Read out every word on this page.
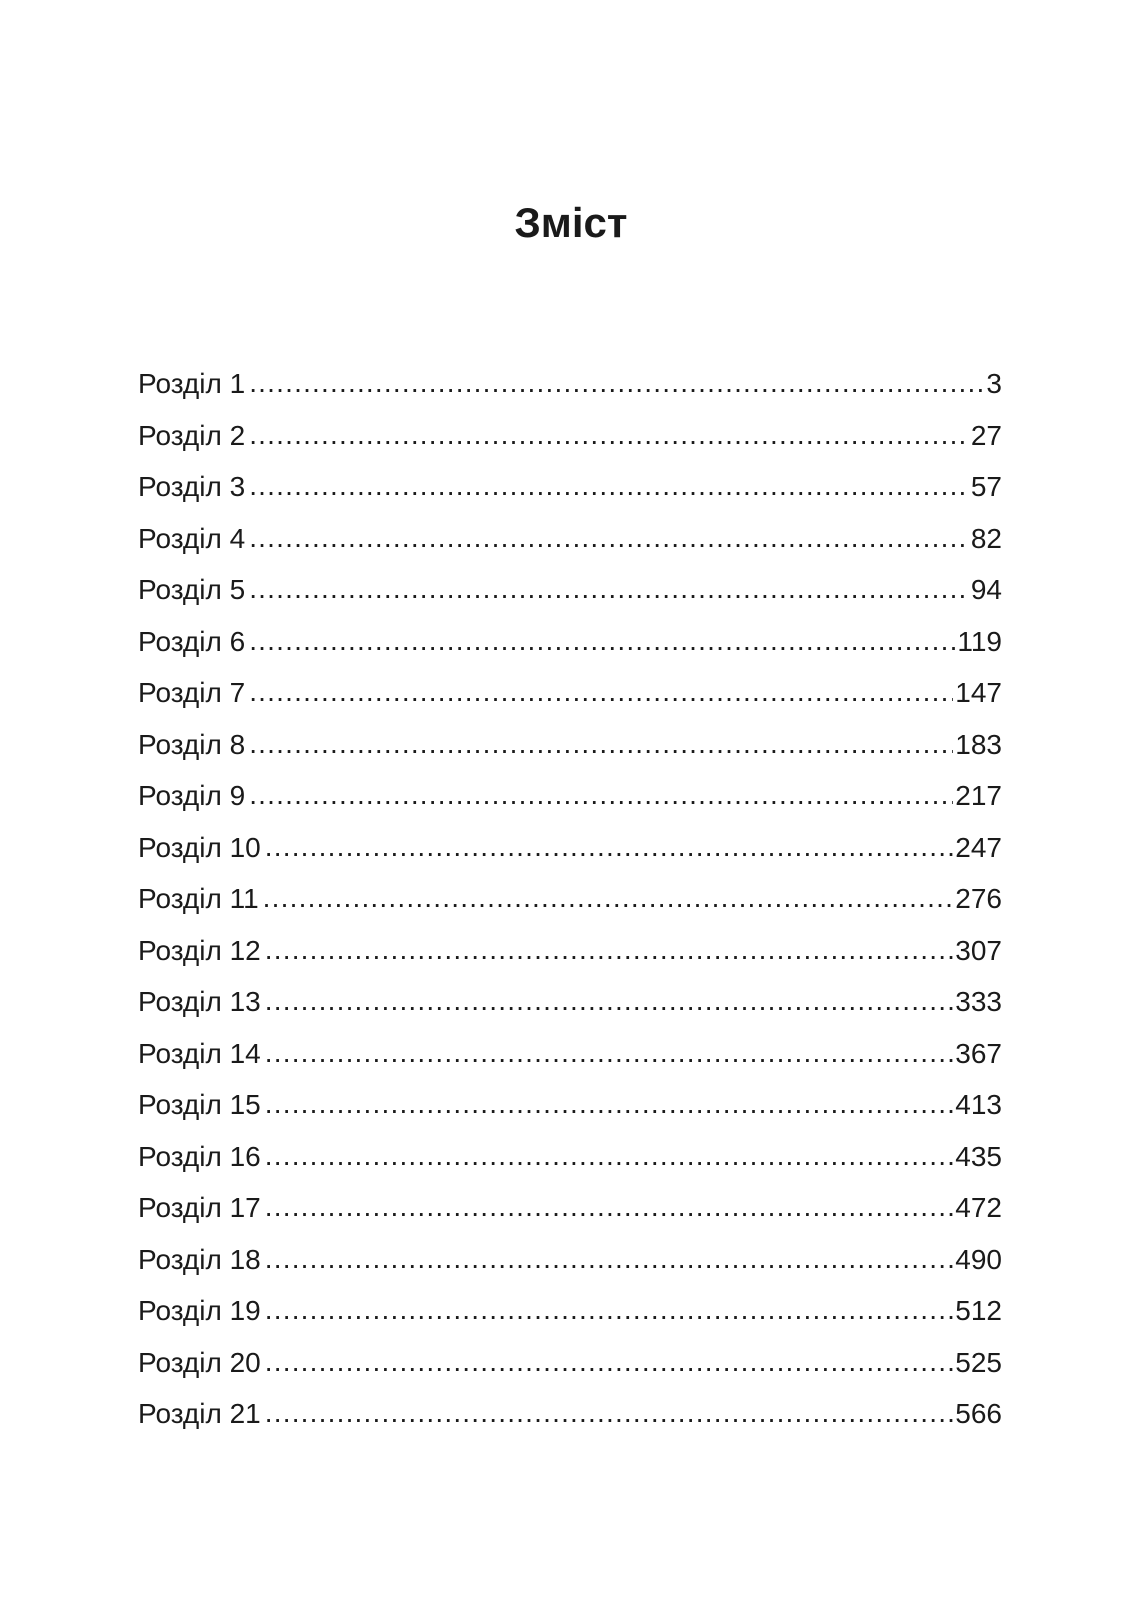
Зміст
Розділ 1 .....	3
Розділ 2 .....	27
Розділ 3 .....	57
Розділ 4 .....	82
Розділ 5 .....	94
Розділ 6 .....	119
Розділ 7 .....	147
Розділ 8 .....	183
Розділ 9 .....	217
Розділ 10 .....	247
Розділ 11 .....	276
Розділ 12 .....	307
Розділ 13 .....	333
Розділ 14 .....	367
Розділ 15 .....	413
Розділ 16 .....	435
Розділ 17 .....	472
Розділ 18 .....	490
Розділ 19 .....	512
Розділ 20 .....	525
Розділ 21 .....	566
